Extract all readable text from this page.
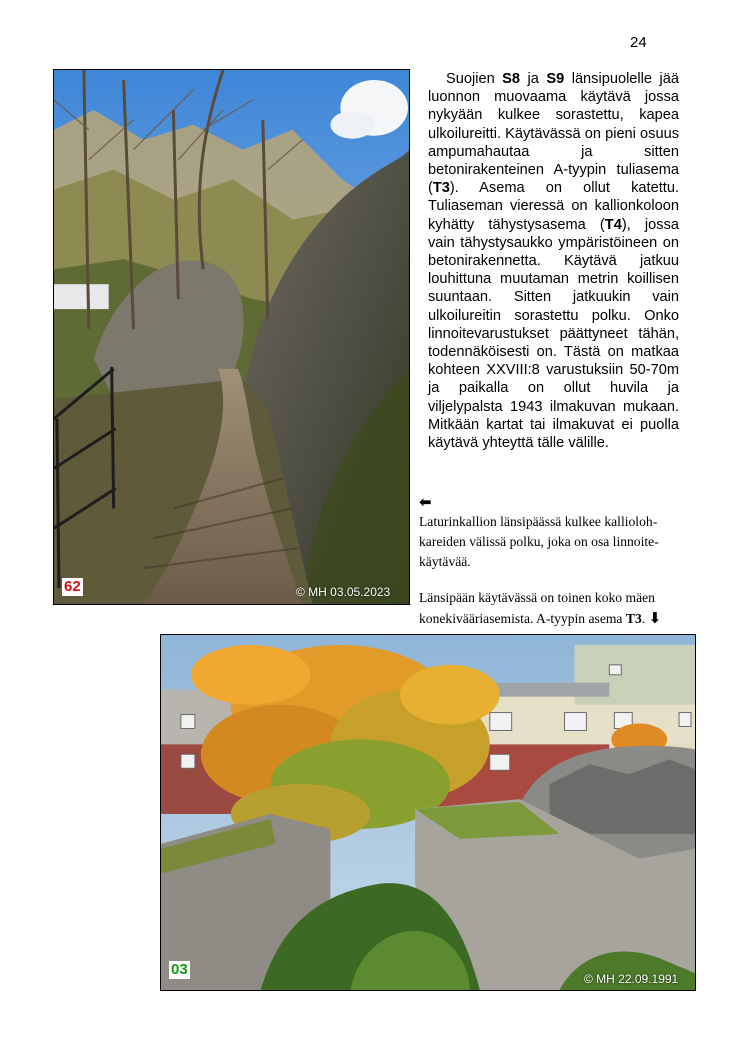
24
62	© MH 03.05.2023

Suojien S8 ja S9 länsipuolelle jää luonnon muovaama käytävä jossa nykyään kulkee sorastettu, kapea ulkoilureitti. Käytävässä on pieni osuus ampumahautaa ja sitten betonirakenteinen A-tyypin tuliasema (T3). Asema on ollut katettu. Tuliaseman vieressä on kallionkoloon kyhätty tähystysasema (T4), jossa vain tähystysaukko ympäristöineen on betonirakennetta. Käytävä jatkuu louhittuna muutaman metrin koillisen suuntaan. Sitten jatkuukin vain ulkoilureitin sorastettu polku. Onko linnoitevarustukset päättyneet tähän, todennäköisesti on. Tästä on matkaa kohteen XXVIII:8 varustuksiin 50-70m ja paikalla on ollut huvila ja viljelypalsta 1943 ilmakuvan mukaan. Mitkään kartat tai ilmakuvat ei puolla käytävä yhteyttä tälle välille.

⬅
Laturinkallion länsipäässä kulkee kalliolohkareiden välissä polku, joka on osa linnoitekäytävää.
Länsipään käytävässä on toinen koko mäen konekivääriasemista. A-tyypin asema T3. ⬇
03
© MH 22.09.1991
